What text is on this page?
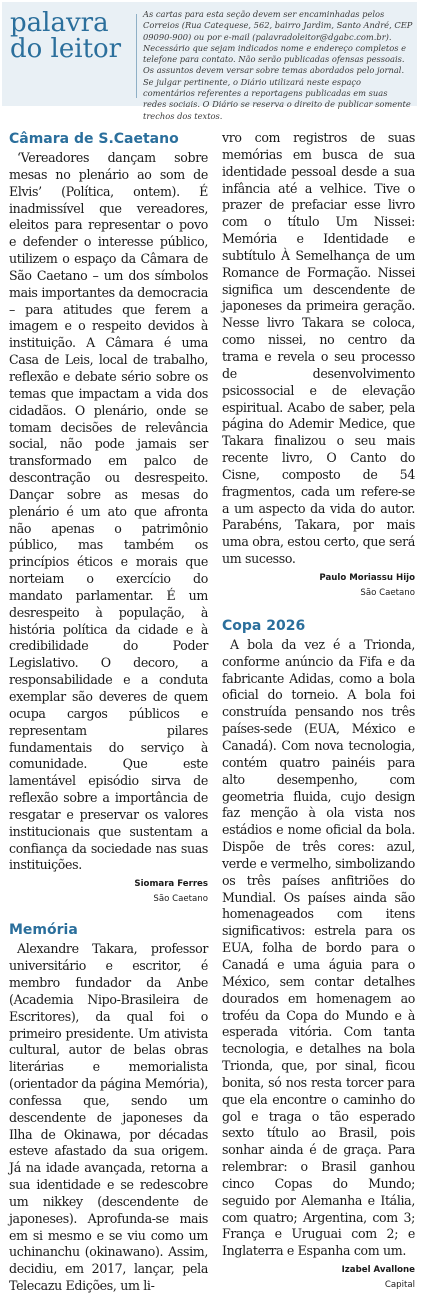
palavra
do leitor
As cartas para esta seção devem ser encaminhadas pelos Correios (Rua Catequese, 562, bairro Jardim, Santo André, CEP 09090-900) ou por e-mail (palavradoleitor@dgabc.com.br). Necessário que sejam indicados nome e endereço completos e telefone para contato. Não serão publicadas ofensas pessoais. Os assuntos devem versar sobre temas abordados pelo jornal. Se julgar pertinente, o Diário utilizará neste espaço comentários referentes a reportagens publicadas em suas redes sociais. O Diário se reserva o direito de publicar somente trechos dos textos.
Câmara de S.Caetano

‘Vereadores dançam sobre mesas no plenário ao som de Elvis’ (Política, ontem). É inadmissível que vereadores, eleitos para representar o povo e defender o interesse público, utilizem o espaço da Câmara de São Caetano – um dos símbolos mais importantes da democracia – para atitudes que ferem a imagem e o respeito devidos à instituição. A Câmara é uma Casa de Leis, local de trabalho, reflexão e debate sério sobre os temas que impactam a vida dos cidadãos. O plenário, onde se tomam decisões de relevância social, não pode jamais ser transformado em palco de descontração ou desrespeito. Dançar sobre as mesas do plenário é um ato que afronta não apenas o patrimônio público, mas também os princípios éticos e morais que norteiam o exercício do mandato parlamentar. É um desrespeito à população, à história política da cidade e à credibilidade do Poder Legislativo. O decoro, a responsabilidade e a conduta exemplar são deveres de quem ocupa cargos públicos e representam pilares fundamentais do serviço à comunidade. Que este lamentável episódio sirva de reflexão sobre a importância de resgatar e preservar os valores institucionais que sustentam a confiança da sociedade nas suas instituições.

Siomara Ferres
São Caetano
Memória

Alexandre Takara, professor universitário e escritor, é membro fundador da Anbe (Academia Nipo-Brasileira de Escritores), da qual foi o primeiro presidente. Um ativista cultural, autor de belas obras literárias e memorialista (orientador da página Memória), confessa que, sendo um descendente de japoneses da Ilha de Okinawa, por décadas esteve afastado da sua origem. Já na idade avançada, retorna a sua identidade e se redescobre um nikkey (descendente de japoneses). Aprofunda-se mais em si mesmo e se viu como um uchinanchu (okinawano). Assim, decidiu, em 2017, lançar, pela Telecazu Edições, um li-

vro com registros de suas memórias em busca de sua identidade pessoal desde a sua infância até a velhice. Tive o prazer de prefaciar esse livro com o título Um Nissei: Memória e Identidade e subtítulo À Semelhança de um Romance de Formação. Nissei significa um descendente de japoneses da primeira geração. Nesse livro Takara se coloca, como nissei, no centro da trama e revela o seu processo de desenvolvimento psicossocial e de elevação espiritual. Acabo de saber, pela página do Ademir Medice, que Takara finalizou o seu mais recente livro, O Canto do Cisne, composto de 54 fragmentos, cada um refere-se a um aspecto da vida do autor. Parabéns, Takara, por mais uma obra, estou certo, que será um sucesso.

Paulo Moriassu Hijo
São Caetano
Copa 2026

A bola da vez é a Trionda, conforme anúncio da Fifa e da fabricante Adidas, como a bola oficial do torneio. A bola foi construída pensando nos três países-sede (EUA, México e Canadá). Com nova tecnologia, contém quatro painéis para alto desempenho, com geometria fluida, cujo design faz menção à ola vista nos estádios e nome oficial da bola. Dispõe de três cores: azul, verde e vermelho, simbolizando os três países anfitriões do Mundial. Os países ainda são homenageados com itens significativos: estrela para os EUA, folha de bordo para o Canadá e uma águia para o México, sem contar detalhes dourados em homenagem ao troféu da Copa do Mundo e à esperada vitória. Com tanta tecnologia, e detalhes na bola Trionda, que, por sinal, ficou bonita, só nos resta torcer para que ela encontre o caminho do gol e traga o tão esperado sexto título ao Brasil, pois sonhar ainda é de graça. Para relembrar: o Brasil ganhou cinco Copas do Mundo; seguido por Alemanha e Itália, com quatro; Argentina, com 3; França e Uruguai com 2; e Inglaterra e Espanha com um.

Izabel Avallone
Capital
